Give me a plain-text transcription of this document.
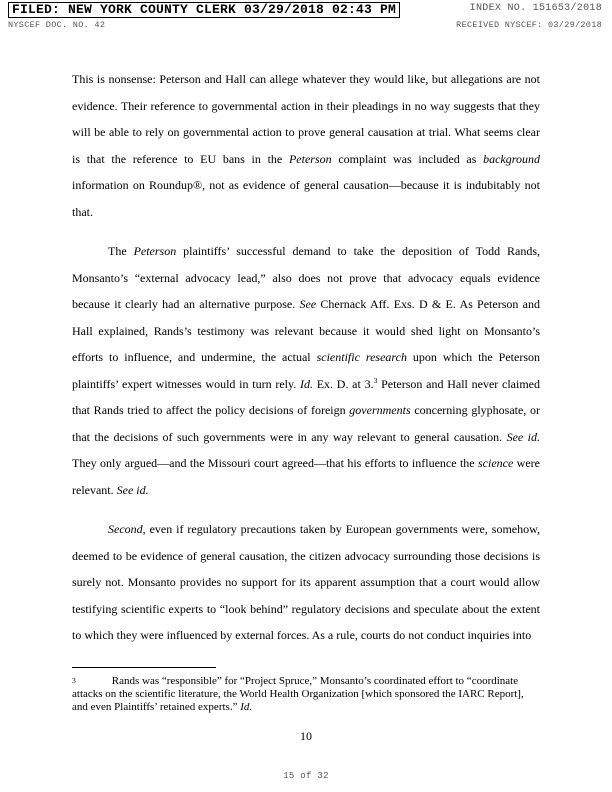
FILED: NEW YORK COUNTY CLERK 03/29/2018 02:43 PM	INDEX NO. 151653/2018
NYSCEF DOC. NO. 42	RECEIVED NYSCEF: 03/29/2018

This is nonsense: Peterson and Hall can allege whatever they would like, but allegations are not evidence. Their reference to governmental action in their pleadings in no way suggests that they will be able to rely on governmental action to prove general causation at trial. What seems clear is that the reference to EU bans in the Peterson complaint was included as background information on Roundup®, not as evidence of general causation—because it is indubitably not that.

The Peterson plaintiffs’ successful demand to take the deposition of Todd Rands, Monsanto’s “external advocacy lead,” also does not prove that advocacy equals evidence because it clearly had an alternative purpose. See Chernack Aff. Exs. D & E. As Peterson and Hall explained, Rands’s testimony was relevant because it would shed light on Monsanto’s efforts to influence, and undermine, the actual scientific research upon which the Peterson plaintiffs’ expert witnesses would in turn rely. Id. Ex. D. at 3.$^3$ Peterson and Hall never claimed that Rands tried to affect the policy decisions of foreign governments concerning glyphosate, or that the decisions of such governments were in any way relevant to general causation. See id. They only argued—and the Missouri court agreed—that his efforts to influence the science were relevant. See id.

Second, even if regulatory precautions taken by European governments were, somehow, deemed to be evidence of general causation, the citizen advocacy surrounding those decisions is surely not. Monsanto provides no support for its apparent assumption that a court would allow testifying scientific experts to “look behind” regulatory decisions and speculate about the extent to which they were influenced by external forces. As a rule, courts do not conduct inquiries into

$^3$	Rands was “responsible” for “Project Spruce,” Monsanto’s coordinated effort to “coordinate attacks on the scientific literature, the World Health Organization [which sponsored the IARC Report], and even Plaintiffs’ retained experts.” Id.
10
15 of 32
